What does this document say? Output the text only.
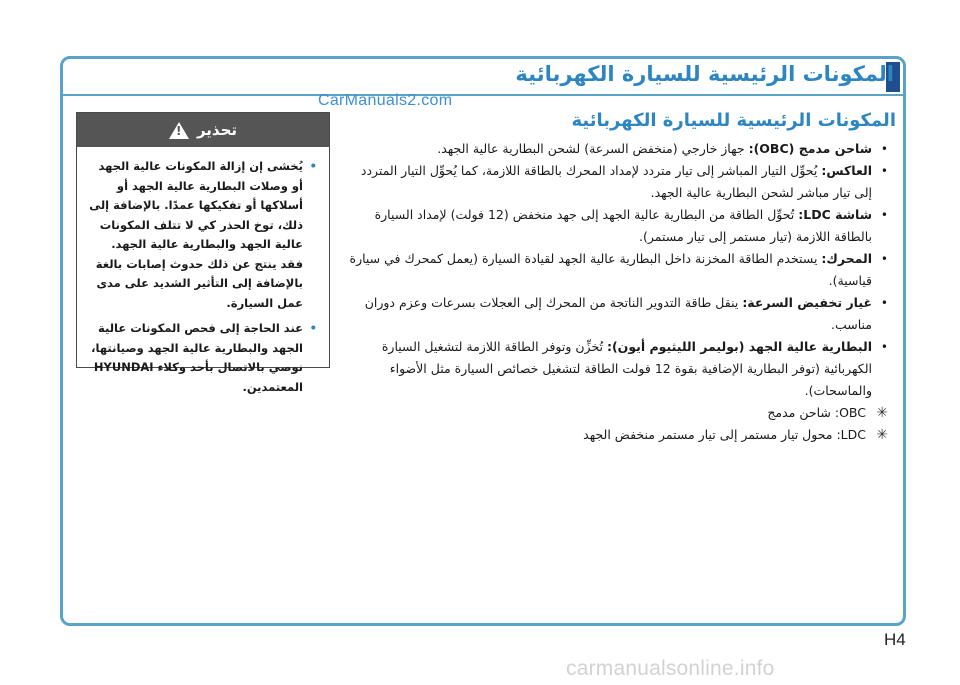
المكونات الرئيسية للسيارة الكهربائية
CarManuals2.com
المكونات الرئيسية للسيارة الكهربائية
•
شاحن مدمج (OBC): جهاز خارجي (منخفض السرعة) لشحن البطارية عالية الجهد.
•
العاكس: يُحوِّل التيار المباشر إلى تيار متردد لإمداد المحرك بالطاقة اللازمة، كما يُحوِّل التيار المتردد إلى تيار مباشر لشحن البطارية عالية الجهد.
•
شاشة LDC: تُحوِّل الطاقة من البطارية عالية الجهد إلى جهد منخفض (12 فولت) لإمداد السيارة بالطاقة اللازمة (تيار مستمر إلى تيار مستمر).
•
المحرك: يستخدم الطاقة المخزنة داخل البطارية عالية الجهد لقيادة السيارة (يعمل كمحرك في سيارة قياسية).
•
غيار تخفيض السرعة: ينقل طاقة التدوير الناتجة من المحرك إلى العجلات بسرعات وعزم دوران مناسب.
•
البطارية عالية الجهد (بوليمر الليثيوم أيون): تُخزِّن وتوفر الطاقة اللازمة لتشغيل السيارة الكهربائية (توفر البطارية الإضافية بقوة 12 فولت الطاقة لتشغيل خصائص السيارة مثل الأضواء والماسحات).
✳
OBC: شاحن مدمج
✳
LDC: محول تيار مستمر إلى تيار مستمر منخفض الجهد
تحذير
!
•
يُخشى إن إزالة المكونات عالية الجهد أو وصلات البطارية عالية الجهد أو أسلاكها أو تفكيكها عمدًا. بالإضافة إلى ذلك، توخ الحذر كي لا تتلف المكونات عالية الجهد والبطارية عالية الجهد. فقد ينتج عن ذلك حدوث إصابات بالغة بالإضافة إلى التأثير الشديد على مدى عمل السيارة.
•
عند الحاجة إلى فحص المكونات عالية الجهد والبطارية عالية الجهد وصيانتها، نوصي بالاتصال بأحد وكلاء HYUNDAI المعتمدين.
H4
carmanualsonline.info
